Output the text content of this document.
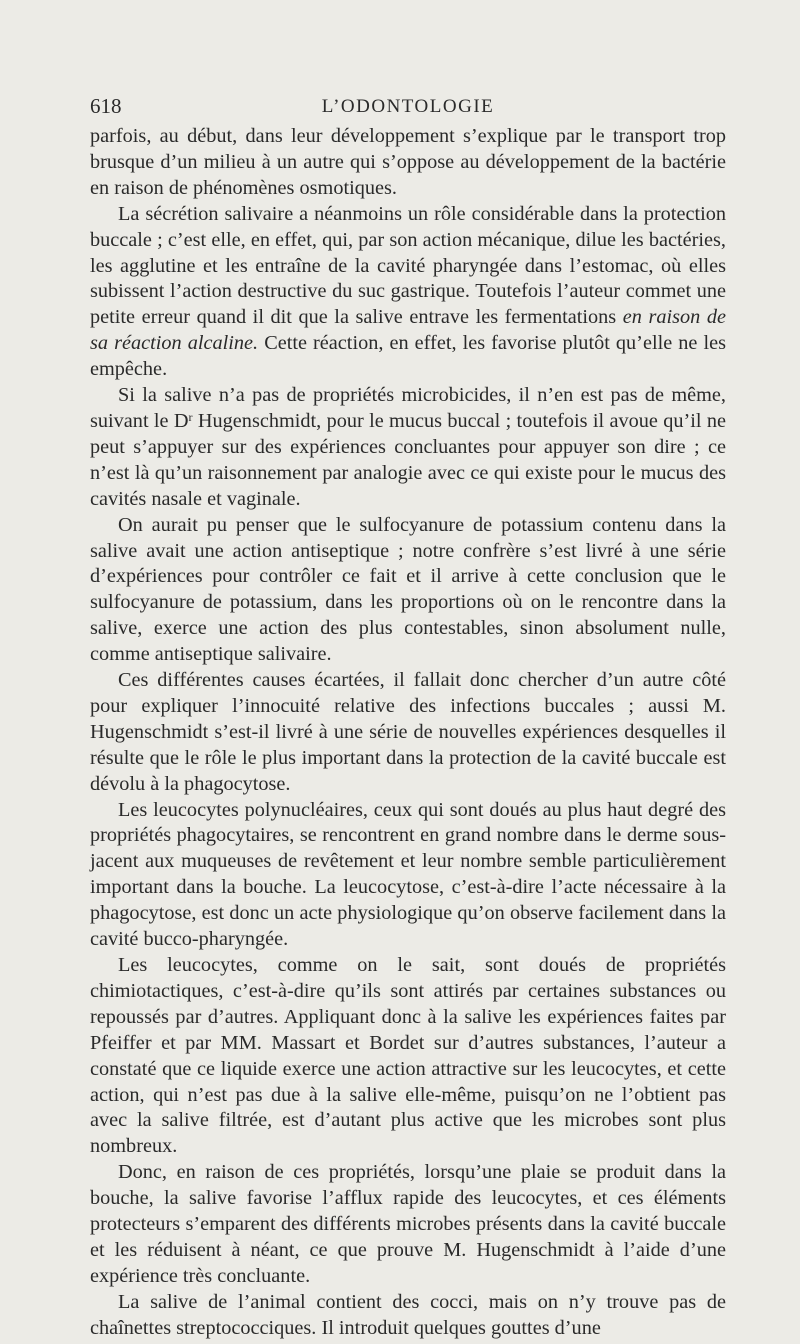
618	L’ODONTOLOGIE

parfois, au début, dans leur développement s’explique par le transport trop brusque d’un milieu à un autre qui s’oppose au développement de la bactérie en raison de phénomènes osmotiques.

La sécrétion salivaire a néanmoins un rôle considérable dans la protection buccale ; c’est elle, en effet, qui, par son action mécanique, dilue les bactéries, les agglutine et les entraîne de la cavité pharyngée dans l’estomac, où elles subissent l’action destructive du suc gastrique. Toutefois l’auteur commet une petite erreur quand il dit que la salive entrave les fermentations en raison de sa réaction alcaline. Cette réaction, en effet, les favorise plutôt qu’elle ne les empêche.

Si la salive n’a pas de propriétés microbicides, il n’en est pas de même, suivant le $D^r$ Hugenschmidt, pour le mucus buccal ; toutefois il avoue qu’il ne peut s’appuyer sur des expériences concluantes pour appuyer son dire ; ce n’est là qu’un raisonnement par analogie avec ce qui existe pour le mucus des cavités nasale et vaginale.

On aurait pu penser que le sulfocyanure de potassium contenu dans la salive avait une action antiseptique ; notre confrère s’est livré à une série d’expériences pour contrôler ce fait et il arrive à cette conclusion que le sulfocyanure de potassium, dans les proportions où on le rencontre dans la salive, exerce une action des plus contestables, sinon absolument nulle, comme antiseptique salivaire.

Ces différentes causes écartées, il fallait donc chercher d’un autre côté pour expliquer l’innocuité relative des infections buccales ; aussi M. Hugenschmidt s’est-il livré à une série de nouvelles expériences desquelles il résulte que le rôle le plus important dans la protection de la cavité buccale est dévolu à la phagocytose.

Les leucocytes polynucléaires, ceux qui sont doués au plus haut degré des propriétés phagocytaires, se rencontrent en grand nombre dans le derme sous-jacent aux muqueuses de revêtement et leur nombre semble particulièrement important dans la bouche. La leucocytose, c’est-à-dire l’acte nécessaire à la phagocytose, est donc un acte physiologique qu’on observe facilement dans la cavité bucco-pharyngée.

Les leucocytes, comme on le sait, sont doués de propriétés chimiotactiques, c’est-à-dire qu’ils sont attirés par certaines substances ou repoussés par d’autres. Appliquant donc à la salive les expériences faites par Pfeiffer et par MM. Massart et Bordet sur d’autres substances, l’auteur a constaté que ce liquide exerce une action attractive sur les leucocytes, et cette action, qui n’est pas due à la salive elle-même, puisqu’on ne l’obtient pas avec la salive filtrée, est d’autant plus active que les microbes sont plus nombreux.

Donc, en raison de ces propriétés, lorsqu’une plaie se produit dans la bouche, la salive favorise l’afflux rapide des leucocytes, et ces éléments protecteurs s’emparent des différents microbes présents dans la cavité buccale et les réduisent à néant, ce que prouve M. Hugenschmidt à l’aide d’une expérience très concluante.

La salive de l’animal contient des cocci, mais on n’y trouve pas de chaînettes streptococciques. Il introduit quelques gouttes d’une
